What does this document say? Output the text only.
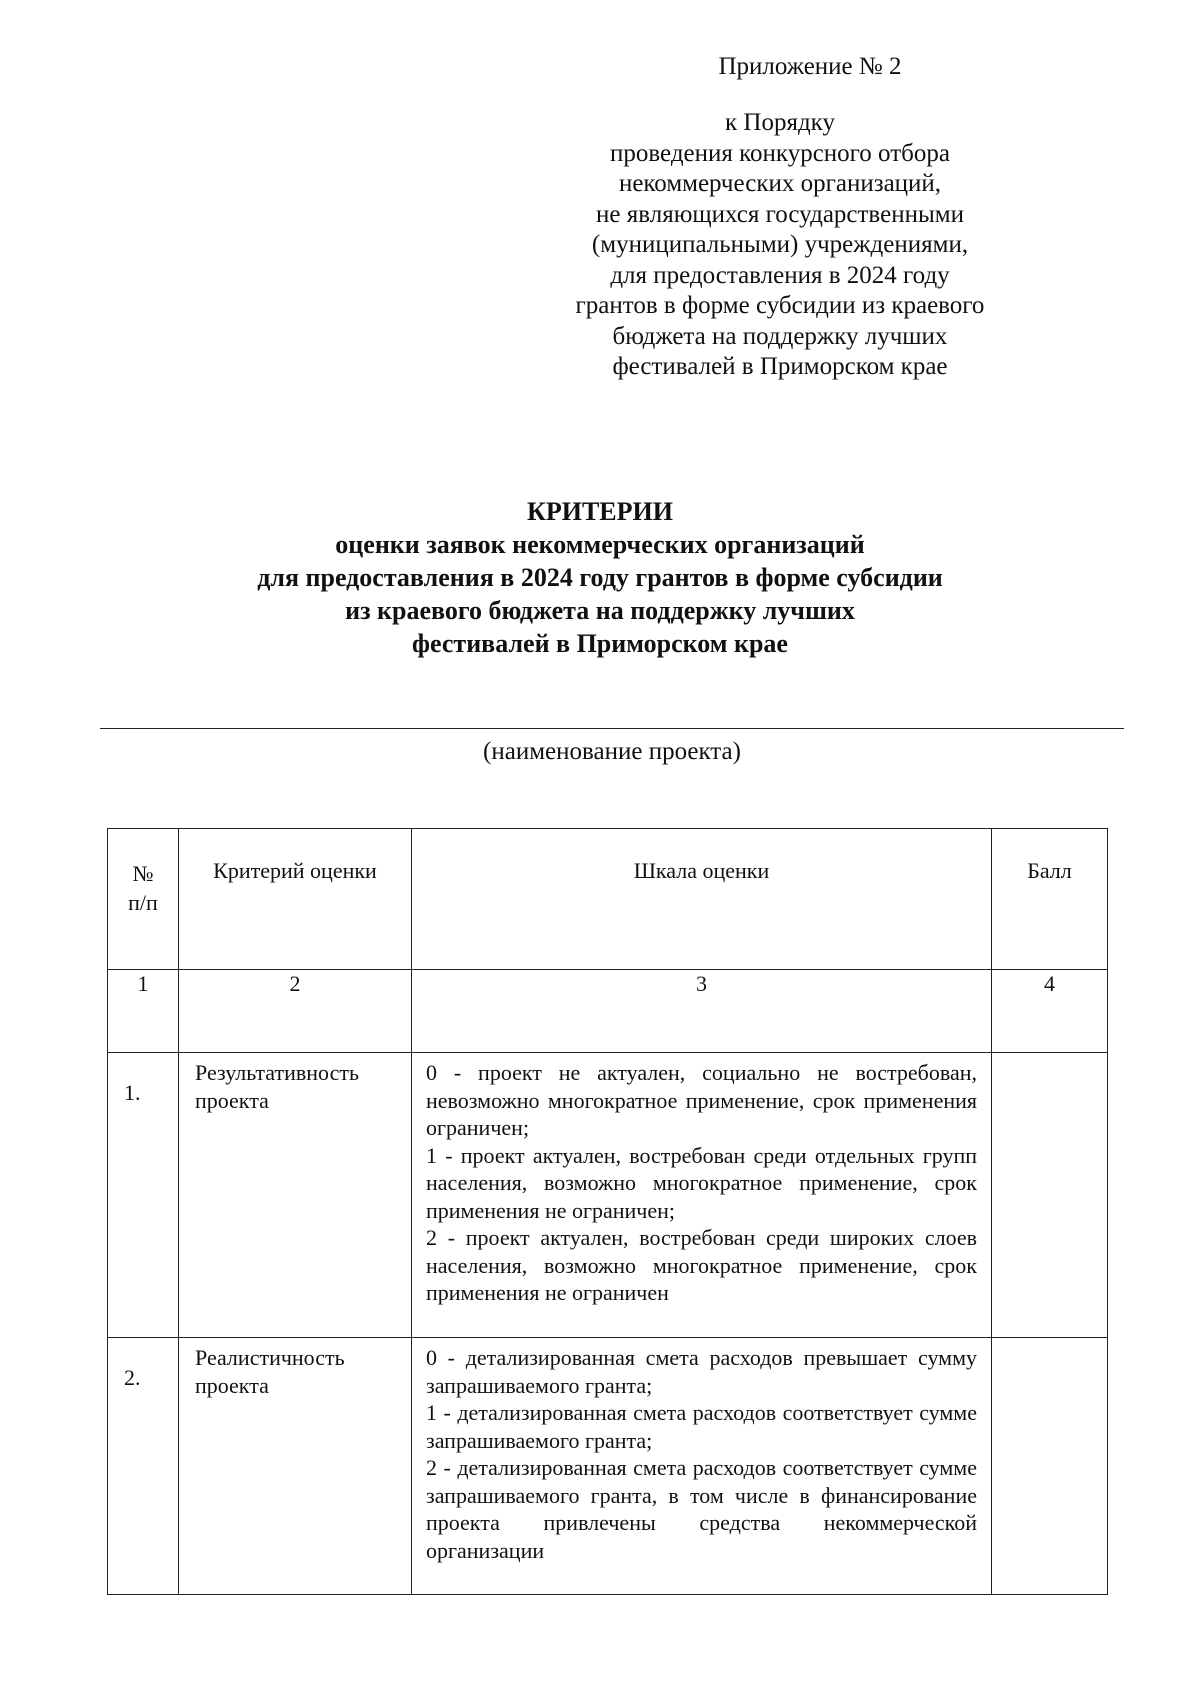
Приложение № 2
к Порядку
проведения конкурсного отбора
некоммерческих организаций,
не являющихся государственными
(муниципальными) учреждениями,
для предоставления в 2024 году
грантов в форме субсидии из краевого
бюджета на поддержку лучших
фестивалей в Приморском крае
КРИТЕРИИ
оценки заявок некоммерческих организаций
для предоставления в 2024 году грантов в форме субсидии
из краевого бюджета на поддержку лучших
фестивалей в Приморском крае
(наименование проекта)
№
п/п	Критерий оценки	Шкала оценки	Балл
1	2	3	4
1.	Результативность проекта	0 - проект не актуален, социально не востребован, невозможно многократное применение, срок применения ограничен;
1 - проект актуален, востребован среди отдельных групп населения, возможно многократное применение, срок применения не ограничен;
2 - проект актуален, востребован среди широких слоев населения, возможно многократное применение, срок применения не ограничен	

2.	Реалистичность проекта	0 - детализированная смета расходов превышает сумму запрашиваемого гранта;
1 - детализированная смета расходов соответствует сумме запрашиваемого гранта;
2 - детализированная смета расходов соответствует сумме запрашиваемого гранта, в том числе в финансирование проекта привлечены средства некоммерческой организации	
